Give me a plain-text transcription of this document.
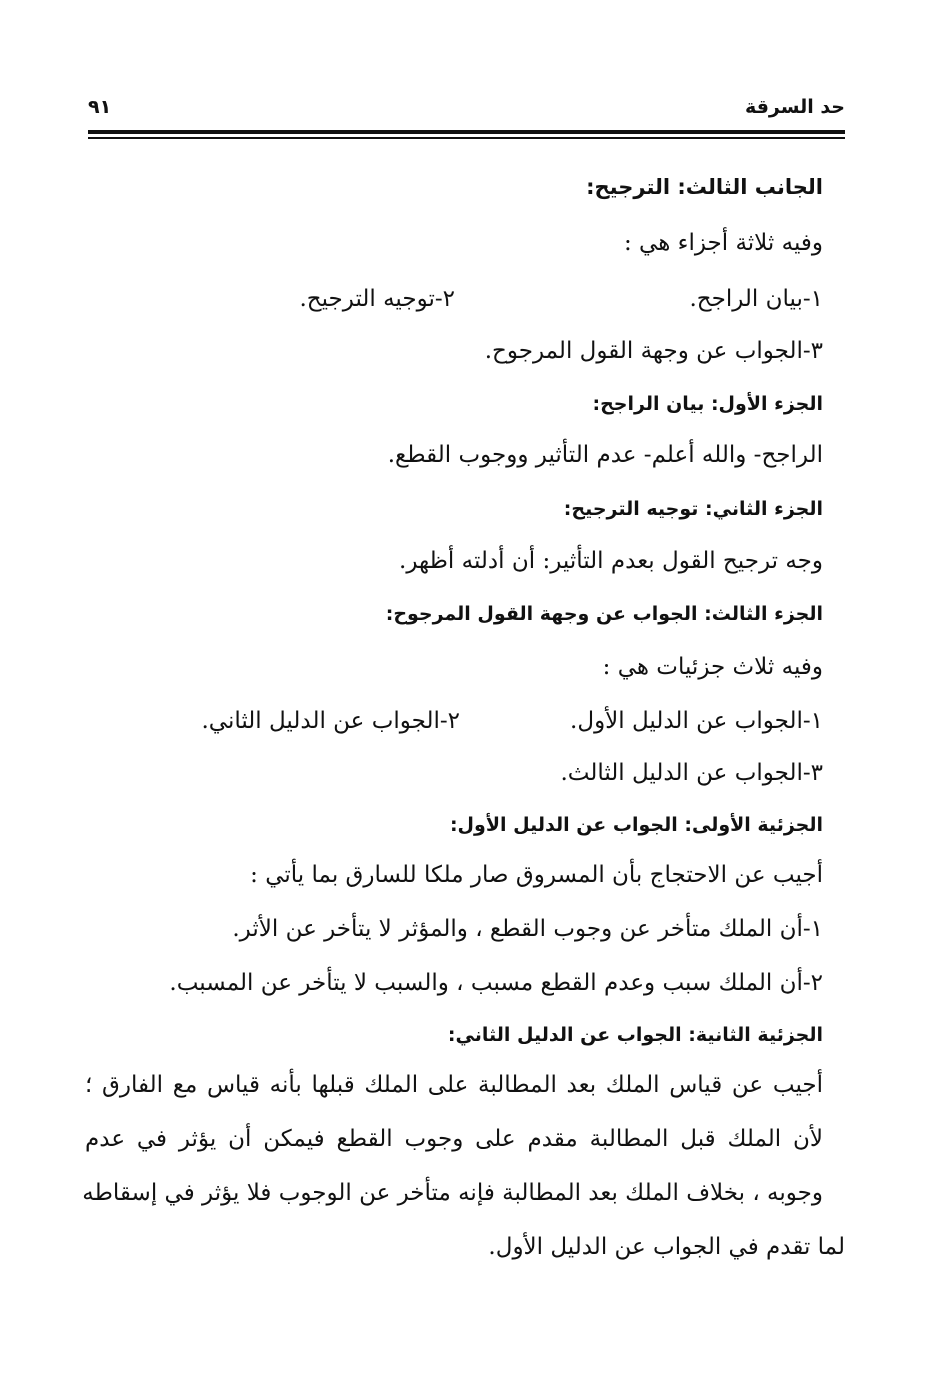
حد السرقة
٩١
الجانب الثالث: الترجيح:
وفيه ثلاثة أجزاء هي :
١-بيان الراجح.
٢-توجيه الترجيح.
٣-الجواب عن وجهة القول المرجوح.
الجزء الأول: بيان الراجح:
الراجح- والله أعلم- عدم التأثير ووجوب القطع.
الجزء الثاني: توجيه الترجيح:
وجه ترجيح القول بعدم التأثير: أن أدلته أظهر.
الجزء الثالث: الجواب عن وجهة القول المرجوح:
وفيه ثلاث جزئيات هي :
١-الجواب عن الدليل الأول.
٢-الجواب عن الدليل الثاني.
٣-الجواب عن الدليل الثالث.
الجزئية الأولى: الجواب عن الدليل الأول:
أجيب عن الاحتجاج بأن المسروق صار ملكا للسارق بما يأتي :
١-أن الملك متأخر عن وجوب القطع ، والمؤثر لا يتأخر عن الأثر.
٢-أن الملك سبب وعدم القطع مسبب ، والسبب لا يتأخر عن المسبب.
الجزئية الثانية: الجواب عن الدليل الثاني:
أجيب عن قياس الملك بعد المطالبة على الملك قبلها بأنه قياس مع الفارق ؛
لأن الملك قبل المطالبة مقدم على وجوب القطع فيمكن أن يؤثر في عدم
وجوبه ، بخلاف الملك بعد المطالبة فإنه متأخر عن الوجوب فلا يؤثر في إسقاطه
لما تقدم في الجواب عن الدليل الأول.
